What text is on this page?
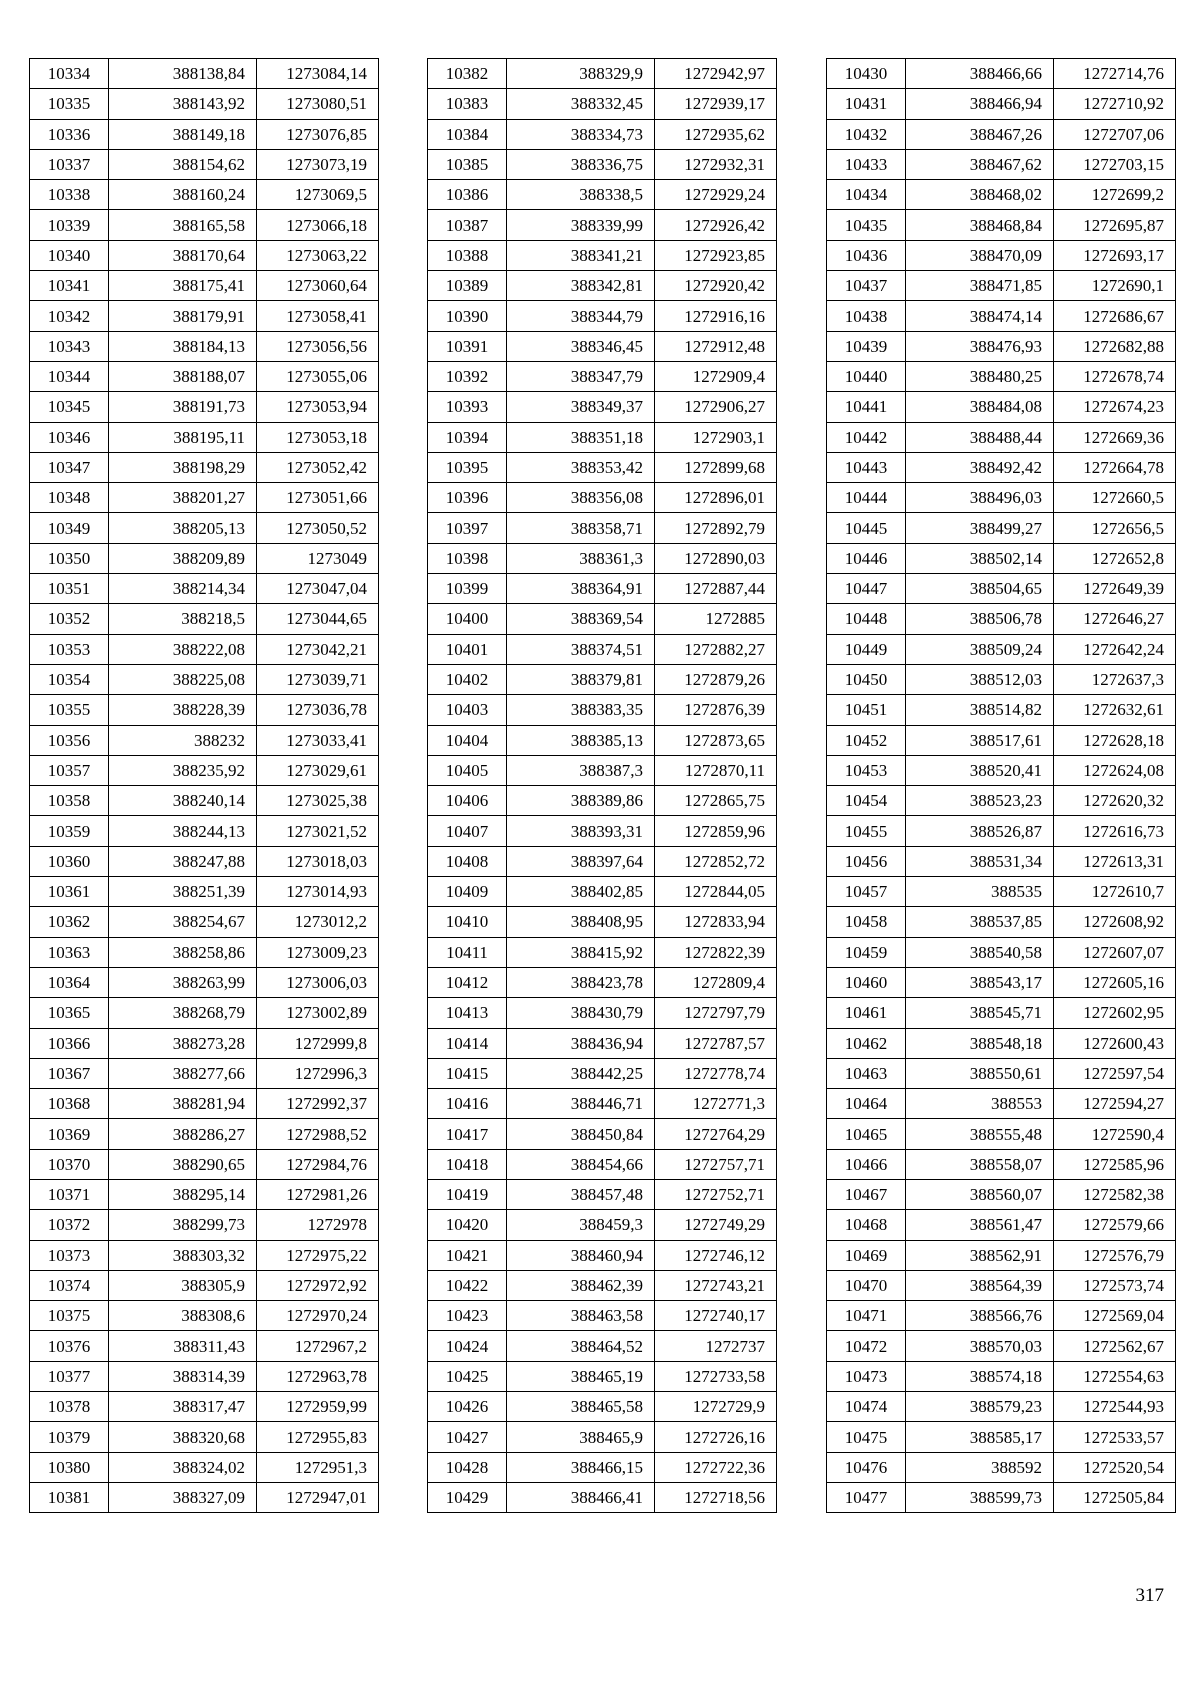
10334	388138,84	1273084,14
10335	388143,92	1273080,51
10336	388149,18	1273076,85
10337	388154,62	1273073,19
10338	388160,24	1273069,5
10339	388165,58	1273066,18
10340	388170,64	1273063,22
10341	388175,41	1273060,64
10342	388179,91	1273058,41
10343	388184,13	1273056,56
10344	388188,07	1273055,06
10345	388191,73	1273053,94
10346	388195,11	1273053,18
10347	388198,29	1273052,42
10348	388201,27	1273051,66
10349	388205,13	1273050,52
10350	388209,89	1273049
10351	388214,34	1273047,04
10352	388218,5	1273044,65
10353	388222,08	1273042,21
10354	388225,08	1273039,71
10355	388228,39	1273036,78
10356	388232	1273033,41
10357	388235,92	1273029,61
10358	388240,14	1273025,38
10359	388244,13	1273021,52
10360	388247,88	1273018,03
10361	388251,39	1273014,93
10362	388254,67	1273012,2
10363	388258,86	1273009,23
10364	388263,99	1273006,03
10365	388268,79	1273002,89
10366	388273,28	1272999,8
10367	388277,66	1272996,3
10368	388281,94	1272992,37
10369	388286,27	1272988,52
10370	388290,65	1272984,76
10371	388295,14	1272981,26
10372	388299,73	1272978
10373	388303,32	1272975,22
10374	388305,9	1272972,92
10375	388308,6	1272970,24
10376	388311,43	1272967,2
10377	388314,39	1272963,78
10378	388317,47	1272959,99
10379	388320,68	1272955,83
10380	388324,02	1272951,3
10381	388327,09	1272947,01
10382	388329,9	1272942,97
10383	388332,45	1272939,17
10384	388334,73	1272935,62
10385	388336,75	1272932,31
10386	388338,5	1272929,24
10387	388339,99	1272926,42
10388	388341,21	1272923,85
10389	388342,81	1272920,42
10390	388344,79	1272916,16
10391	388346,45	1272912,48
10392	388347,79	1272909,4
10393	388349,37	1272906,27
10394	388351,18	1272903,1
10395	388353,42	1272899,68
10396	388356,08	1272896,01
10397	388358,71	1272892,79
10398	388361,3	1272890,03
10399	388364,91	1272887,44
10400	388369,54	1272885
10401	388374,51	1272882,27
10402	388379,81	1272879,26
10403	388383,35	1272876,39
10404	388385,13	1272873,65
10405	388387,3	1272870,11
10406	388389,86	1272865,75
10407	388393,31	1272859,96
10408	388397,64	1272852,72
10409	388402,85	1272844,05
10410	388408,95	1272833,94
10411	388415,92	1272822,39
10412	388423,78	1272809,4
10413	388430,79	1272797,79
10414	388436,94	1272787,57
10415	388442,25	1272778,74
10416	388446,71	1272771,3
10417	388450,84	1272764,29
10418	388454,66	1272757,71
10419	388457,48	1272752,71
10420	388459,3	1272749,29
10421	388460,94	1272746,12
10422	388462,39	1272743,21
10423	388463,58	1272740,17
10424	388464,52	1272737
10425	388465,19	1272733,58
10426	388465,58	1272729,9
10427	388465,9	1272726,16
10428	388466,15	1272722,36
10429	388466,41	1272718,56
10430	388466,66	1272714,76
10431	388466,94	1272710,92
10432	388467,26	1272707,06
10433	388467,62	1272703,15
10434	388468,02	1272699,2
10435	388468,84	1272695,87
10436	388470,09	1272693,17
10437	388471,85	1272690,1
10438	388474,14	1272686,67
10439	388476,93	1272682,88
10440	388480,25	1272678,74
10441	388484,08	1272674,23
10442	388488,44	1272669,36
10443	388492,42	1272664,78
10444	388496,03	1272660,5
10445	388499,27	1272656,5
10446	388502,14	1272652,8
10447	388504,65	1272649,39
10448	388506,78	1272646,27
10449	388509,24	1272642,24
10450	388512,03	1272637,3
10451	388514,82	1272632,61
10452	388517,61	1272628,18
10453	388520,41	1272624,08
10454	388523,23	1272620,32
10455	388526,87	1272616,73
10456	388531,34	1272613,31
10457	388535	1272610,7
10458	388537,85	1272608,92
10459	388540,58	1272607,07
10460	388543,17	1272605,16
10461	388545,71	1272602,95
10462	388548,18	1272600,43
10463	388550,61	1272597,54
10464	388553	1272594,27
10465	388555,48	1272590,4
10466	388558,07	1272585,96
10467	388560,07	1272582,38
10468	388561,47	1272579,66
10469	388562,91	1272576,79
10470	388564,39	1272573,74
10471	388566,76	1272569,04
10472	388570,03	1272562,67
10473	388574,18	1272554,63
10474	388579,23	1272544,93
10475	388585,17	1272533,57
10476	388592	1272520,54
10477	388599,73	1272505,84
317
